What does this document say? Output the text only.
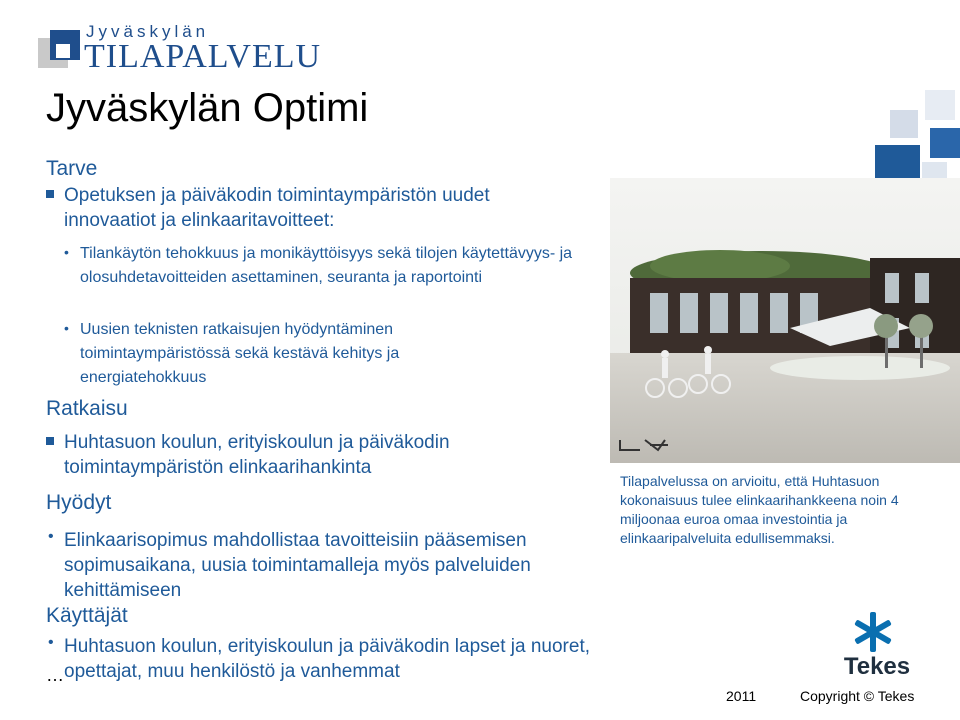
Jyväskylän
TILAPALVELU
Jyväskylän Optimi
Tarve
Opetuksen ja päiväkodin toimintaympäristön uudet innovaatiot ja elinkaaritavoitteet:
• Tilankäytön tehokkuus ja monikäyttöisyys sekä tilojen käytettävyys- ja olosuhdetavoitteiden asettaminen, seuranta ja raportointi
• Uusien teknisten ratkaisujen hyödyntäminen toimintaympäristössä sekä kestävä kehitys ja energiatehokkuus
Ratkaisu
Huhtasuon koulun, erityiskoulun ja päiväkodin toimintaympäristön elinkaarihankinta
Hyödyt
• Elinkaarisopimus mahdollistaa tavoitteisiin pääsemisen sopimusaikana, uusia toimintamalleja myös palveluiden kehittämiseen
Käyttäjät
• Huhtasuon koulun, erityiskoulun ja päiväkodin lapset ja nuoret, opettajat, muu henkilöstö ja vanhemmat
…
Tilapalvelussa on arvioitu, että Huhtasuon kokonaisuus tulee elinkaarihankkeena noin 4 miljoonaa euroa omaa investointia ja elinkaaripalveluita edullisemmaksi.
Tekes
2011	Copyright © Tekes
